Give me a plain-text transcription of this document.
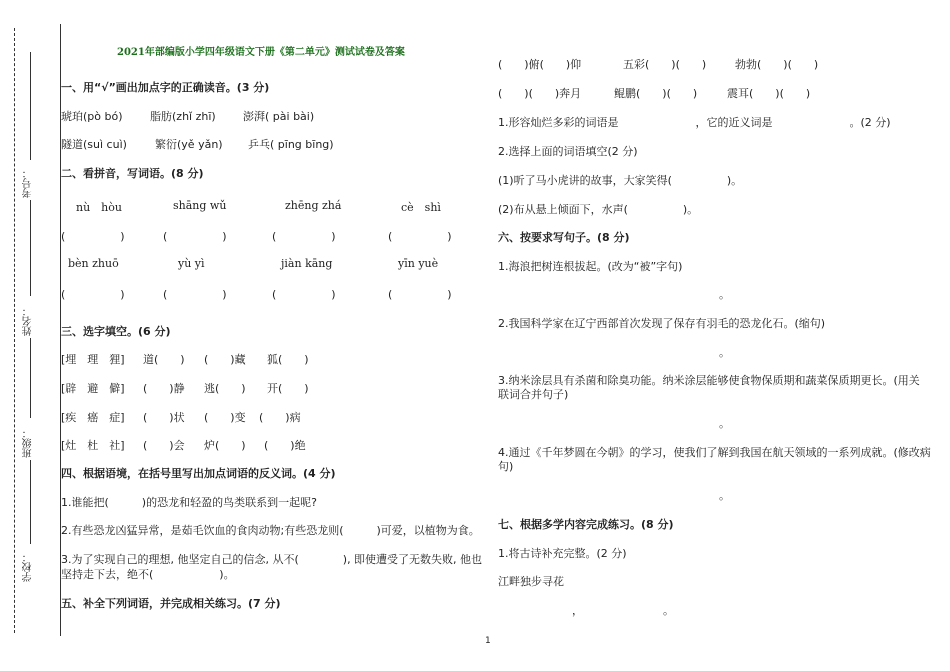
考号：
姓名：
班级：
学校：
2021年部编版小学四年级语文下册《第二单元》测试试卷及答案
一、用“√”画出加点字的正确读音。(3 分)
琥珀(pò bó) 脂肪(zhǐ zhī) 澎湃( pài bài)
隧道(suì cuì)	繁衍(yě yǎn) 乒乓( pīng bīng)
二、看拼音，写词语。(8 分)
nù　hòu	shāng wǔ	zhēng zhá	cè　shì
(　　　　　)	(　　　　　)	(　　　　　)	(　　　　　)
bèn zhuō	yù yì	jiàn kāng	yīn yuè
(　　　　　)	(　　　　　)	(　　　　　)	(　　　　　)
三、选字填空。(6 分)
[埋　理　狸] 道(　　) (　　)藏 狐(　　)
[辟　避　僻] (　　)静 逃(　　) 开(　　)
[疾　癌　症] (　　)状 (　　)变 (　　)病
[灶　杜　社] (　　)会 炉(　　) (　　)绝
四、根据语境，在括号里写出加点词语的反义词。(4 分)
1.谁能把(　　　)的恐龙和轻盈的鸟类联系到一起呢?
2.有些恐龙凶猛异常，是茹毛饮血的食肉动物;有些恐龙则(　　　)可爱，以植物为食。
3.为了实现自己的理想, 他坚定自己的信念, 从不(　　　　), 即使遭受了无数失败, 他也
坚持走下去，绝不(　　　　　　)。
五、补全下列词语，并完成相关练习。(7 分)
(　　)俯(　　)仰	五彩(　　)(　　)	勃勃(　　)(　　)
(　　)(　　)奔月	鲲鹏(　　)(　　)	震耳(　　)(　　)
1.形容灿烂多彩的词语是　　　　　　　，它的近义词是　　　　　　　。(2 分)
2.选择上面的词语填空(2 分)
(1)听了马小虎讲的故事，大家笑得(　　　　　)。
(2)布从悬上倾面下，水声(　　　　　)。
六、按要求写句子。(8 分)
1.海浪把树连根拔起。(改为“被”字句)
。
2.我国科学家在辽宁西部首次发现了保存有羽毛的恐龙化石。(缩句)
。
3.纳米涂层具有杀菌和除臭功能。纳米涂层能够使食物保质期和蔬菜保质期更长。(用关
联词合并句子)
。
4.通过《千年梦圆在今朝》的学习，使我们了解到我国在航天领域的一系列成就。(修改病
句)
。
七、根据多学内容完成练习。(8 分)
1.将古诗补充完整。(2 分)
江畔独步寻花
，	。
1
